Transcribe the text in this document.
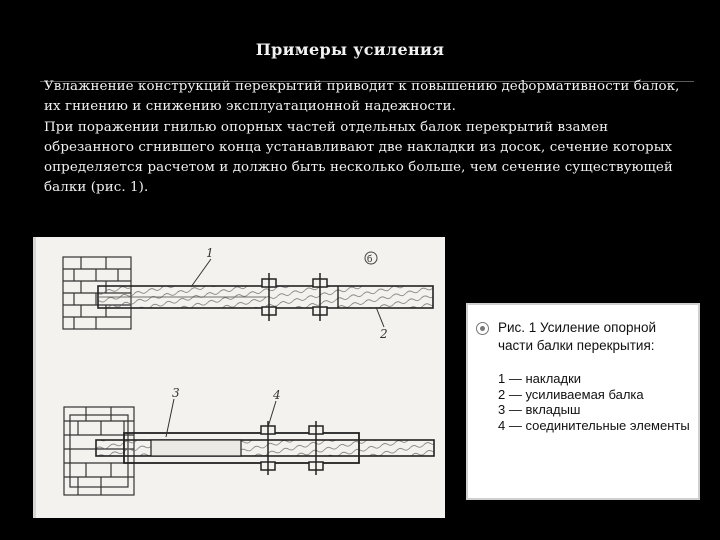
Примеры усиления

Увлажнение конструкций перекрытий приводит к повышению деформативности балок, их гниению и снижению эксплуатационной надежности.

При поражении гнилью опорных частей отдельных балок перекрытий взамен обрезанного сгнившего конца устанавливают две накладки из досок, сечение которых определяется расчетом и должно быть несколько больше, чем сечение существующей балки (рис. 1).

1
2
б
3	4
Рис. 1 Усиление опорной части балки перекрытия:
1 — накладки
2 — усиливаемая балка
3 — вкладыш
4 — соединительные элементы
